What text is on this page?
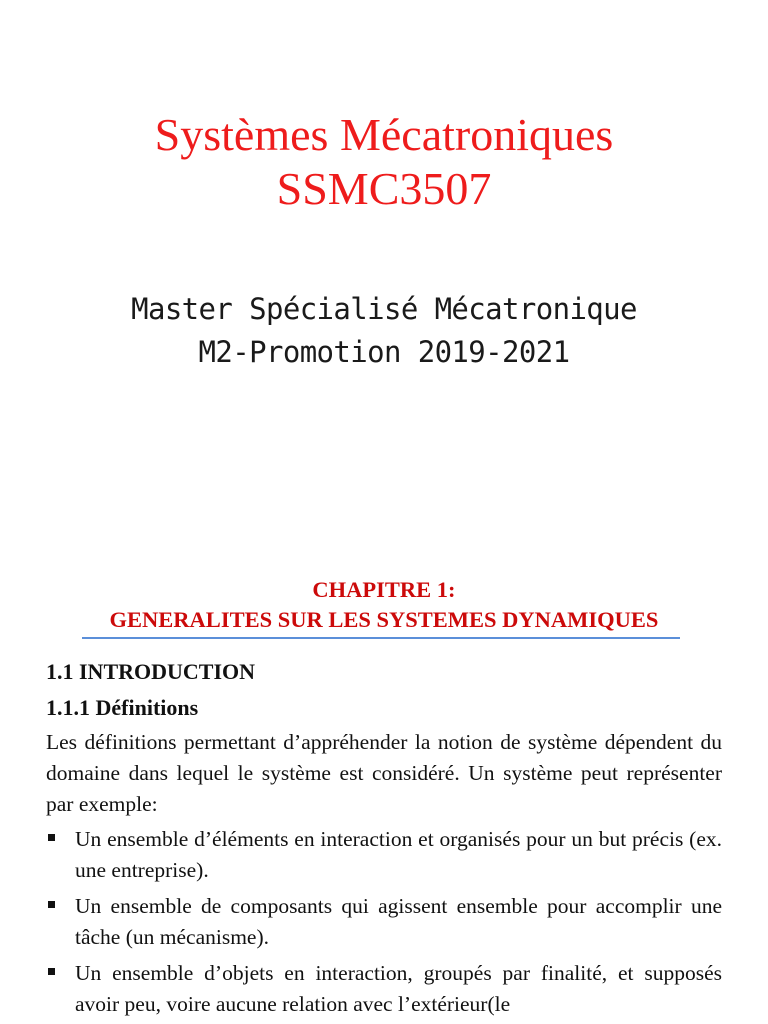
Systèmes Mécatroniques
SSMC3507
Master Spécialisé Mécatronique
M2-Promotion 2019-2021
CHAPITRE 1:
GENERALITES SUR LES SYSTEMES DYNAMIQUES

1.1 INTRODUCTION

1.1.1 Définitions

Les définitions permettant d’appréhender la notion de système dépendent du domaine dans lequel le système est considéré. Un système peut représenter par exemple:

Un ensemble d’éléments en interaction et organisés pour un but précis (ex. une entreprise).
Un ensemble de composants qui agissent ensemble pour accomplir une tâche (un mécanisme).
Un ensemble d’objets en interaction, groupés par finalité, et supposés avoir peu, voire aucune relation avec l’extérieur(le
